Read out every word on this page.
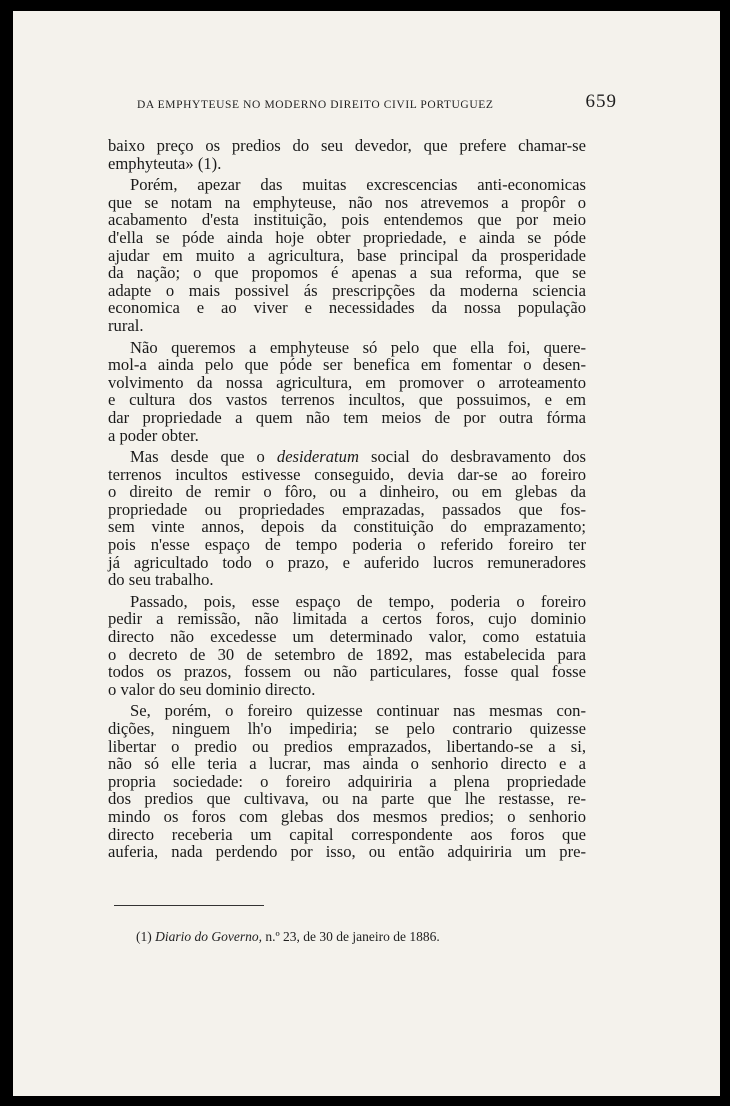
DA EMPHYTEUSE NO MODERNO DIREITO CIVIL PORTUGUEZ	659

baixo preço os predios do seu devedor, que prefere chamar-se
emphyteuta» (1).

Porém, apezar das muitas excrescencias anti-economicas
que se notam na emphyteuse, não nos atrevemos a propôr o
acabamento d'esta instituição, pois entendemos que por meio
d'ella se póde ainda hoje obter propriedade, e ainda se póde
ajudar em muito a agricultura, base principal da prosperidade
da nação; o que propomos é apenas a sua reforma, que se
adapte o mais possivel ás prescripções da moderna sciencia
economica e ao viver e necessidades da nossa população
rural.

Não queremos a emphyteuse só pelo que ella foi, quere-
mol-a ainda pelo que póde ser benefica em fomentar o desen-
volvimento da nossa agricultura, em promover o arroteamento
e cultura dos vastos terrenos incultos, que possuimos, e em
dar propriedade a quem não tem meios de por outra fórma
a poder obter.

Mas desde que o desideratum social do desbravamento dos
terrenos incultos estivesse conseguido, devia dar-se ao foreiro
o direito de remir o fôro, ou a dinheiro, ou em glebas da
propriedade ou propriedades emprazadas, passados que fos-
sem vinte annos, depois da constituição do emprazamento;
pois n'esse espaço de tempo poderia o referido foreiro ter
já agricultado todo o prazo, e auferido lucros remuneradores
do seu trabalho.

Passado, pois, esse espaço de tempo, poderia o foreiro
pedir a remissão, não limitada a certos foros, cujo dominio
directo não excedesse um determinado valor, como estatuia
o decreto de 30 de setembro de 1892, mas estabelecida para
todos os prazos, fossem ou não particulares, fosse qual fosse
o valor do seu dominio directo.

Se, porém, o foreiro quizesse continuar nas mesmas con-
dições, ninguem lh'o impediria; se pelo contrario quizesse
libertar o predio ou predios emprazados, libertando-se a si,
não só elle teria a lucrar, mas ainda o senhorio directo e a
propria sociedade: o foreiro adquiriria a plena propriedade
dos predios que cultivava, ou na parte que lhe restasse, re-
mindo os foros com glebas dos mesmos predios; o senhorio
directo receberia um capital correspondente aos foros que
auferia, nada perdendo por isso, ou então adquiriria um pre-

(1) Diario do Governo, n.º 23, de 30 de janeiro de 1886.
